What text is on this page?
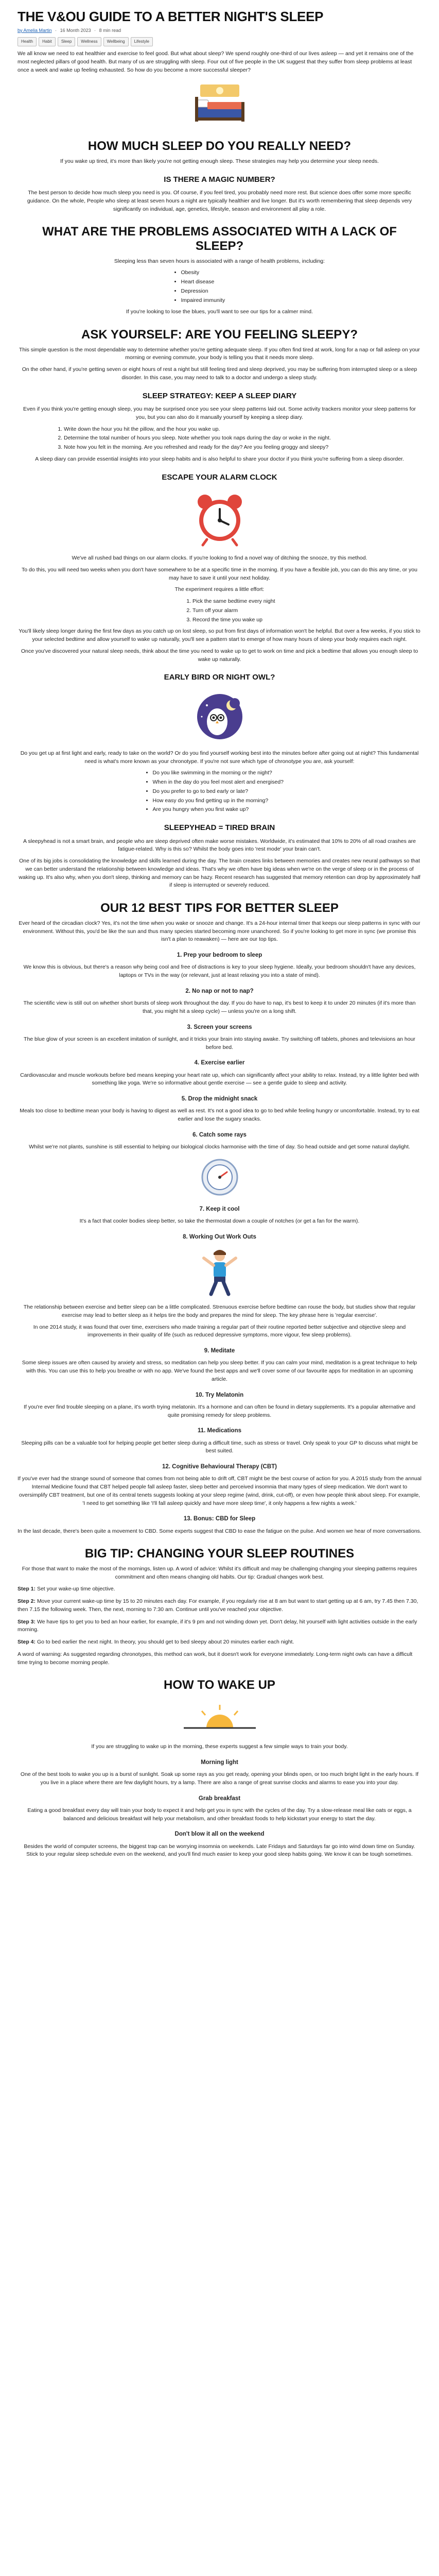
THE V&OU GUIDE TO A BETTER NIGHT'S SLEEP
by Amelia Martin · 16 Month 2023 · 8 min read
Health	Habit	Sleep	Wellness	Wellbeing	Lifestyle

We all know we need to eat healthier and exercise to feel good. But what about sleep? We spend roughly one-third of our lives asleep — and yet it remains one of the most neglected pillars of good health. But many of us are struggling with sleep. Four out of five people in the UK suggest that they suffer from sleep problems at least once a week and wake up feeling exhausted. So how do you become a more successful sleeper?

HOW MUCH SLEEP DO YOU REALLY NEED?

If you wake up tired, it's more than likely you're not getting enough sleep. These strategies may help you determine your sleep needs.

IS THERE A MAGIC NUMBER?

The best person to decide how much sleep you need is you. Of course, if you feel tired, you probably need more rest. But science does offer some more specific guidance. On the whole, People who sleep at least seven hours a night are typically healthier and live longer. But it's worth remembering that sleep depends very significantly on individual, age, genetics, lifestyle, season and environment all play a role.

WHAT ARE THE PROBLEMS ASSOCIATED WITH A LACK OF SLEEP?

Sleeping less than seven hours is associated with a range of health problems, including:

• Obesity
• Heart disease
• Depression
• Impaired immunity

If you're looking to lose the blues, you'll want to see our tips for a calmer mind.

ASK YOURSELF: ARE YOU FEELING SLEEPY?

This simple question is the most dependable way to determine whether you're getting adequate sleep. If you often find tired at work, long for a nap or fall asleep on your morning or evening commute, your body is telling you that it needs more sleep.

On the other hand, if you're getting seven or eight hours of rest a night but still feeling tired and sleep deprived, you may be suffering from interrupted sleep or a sleep disorder. In this case, you may need to talk to a doctor and undergo a sleep study.

SLEEP STRATEGY: KEEP A SLEEP DIARY

Even if you think you're getting enough sleep, you may be surprised once you see your sleep patterns laid out. Some activity trackers monitor your sleep patterns for you, but you can also do it manually yourself by keeping a sleep diary.

1. Write down the hour you hit the pillow, and the hour you wake up.
2. Determine the total number of hours you sleep. Note whether you took naps during the day or woke in the night.
3. Note how you felt in the morning. Are you refreshed and ready for the day? Are you feeling groggy and sleepy?

A sleep diary can provide essential insights into your sleep habits and is also helpful to share your doctor if you think you're suffering from a sleep disorder.

ESCAPE YOUR ALARM CLOCK

We've all rushed bad things on our alarm clocks. If you're looking to find a novel way of ditching the snooze, try this method.

To do this, you will need two weeks when you don't have somewhere to be at a specific time in the morning. If you have a flexible job, you can do this any time, or you may have to save it until your next holiday.

The experiment requires a little effort:

1. Pick the same bedtime every night
2. Turn off your alarm
3. Record the time you wake up

You'll likely sleep longer during the first few days as you catch up on lost sleep, so put from first days of information won't be helpful. But over a few weeks, if you stick to your selected bedtime and allow yourself to wake up naturally, you'll see a pattern start to emerge of how many hours of sleep your body requires each night.

Once you've discovered your natural sleep needs, think about the time you need to wake up to get to work on time and pick a bedtime that allows you enough sleep to wake up naturally.

EARLY BIRD OR NIGHT OWL?

Do you get up at first light and early, ready to take on the world? Or do you find yourself working best into the minutes before after going out at night? This fundamental need is what's more known as your chronotype. If you're not sure which type of chronotype you are, ask yourself:

• Do you like swimming in the morning or the night?
• When in the day do you feel most alert and energised?
• Do you prefer to go to bed early or late?
• How easy do you find getting up in the morning?
• Are you hungry when you first wake up?
SLEEPYHEAD = TIRED BRAIN

A sleepyhead is not a smart brain, and people who are sleep deprived often make worse mistakes. Worldwide, it's estimated that 10% to 20% of all road crashes are fatigue-related. Why is this so? Whilst the body goes into 'rest mode' your brain can't.

One of its big jobs is consolidating the knowledge and skills learned during the day. The brain creates links between memories and creates new neural pathways so that we can better understand the relationship between knowledge and ideas. That's why we often have big ideas when we're on the verge of sleep or in the process of waking up. It's also why, when you don't sleep, thinking and memory can be hazy. Recent research has suggested that memory retention can drop by approximately half if sleep is interrupted or severely reduced.

OUR 12 BEST TIPS FOR BETTER SLEEP

Ever heard of the circadian clock? Yes, it's not the time when you wake or snooze and change. It's a 24-hour internal timer that keeps our sleep patterns in sync with our environment. Without this, you'd be like the sun and thus many species started becoming more unanchored. So if you're looking to get more in sync (we promise this isn't a plan to reawaken) — here are our top tips.

1. Prep your bedroom to sleep

We know this is obvious, but there's a reason why being cool and free of distractions is key to your sleep hygiene. Ideally, your bedroom shouldn't have any devices, laptops or TVs in the way (or relevant, just at least relaxing you into a state of mind).

2. No nap or not to nap?

The scientific view is still out on whether short bursts of sleep work throughout the day. If you do have to nap, it's best to keep it to under 20 minutes (if it's more than that, you might hit a sleep cycle) — unless you're on a long shift.

3. Screen your screens

The blue glow of your screen is an excellent imitation of sunlight, and it tricks your brain into staying awake. Try switching off tablets, phones and televisions an hour before bed.

4. Exercise earlier

Cardiovascular and muscle workouts before bed means keeping your heart rate up, which can significantly affect your ability to relax. Instead, try a little lighter bed with something like yoga. We're so informative about gentle exercise — see a gentle guide to sleep and activity.

5. Drop the midnight snack

Meals too close to bedtime mean your body is having to digest as well as rest. It's not a good idea to go to bed while feeling hungry or uncomfortable. Instead, try to eat earlier and lose the sugary snacks.

6. Catch some rays

Whilst we're not plants, sunshine is still essential to helping our biological clocks harmonise with the time of day. So head outside and get some natural daylight.

7. Keep it cool

It's a fact that cooler bodies sleep better, so take the thermostat down a couple of notches (or get a fan for the warm).

8. Working Out Work Outs

The relationship between exercise and better sleep can be a little complicated. Strenuous exercise before bedtime can rouse the body, but studies show that regular exercise may lead to better sleep as it helps tire the body and prepares the mind for sleep. The key phrase here is 'regular exercise'.

In one 2014 study, it was found that over time, exercisers who made training a regular part of their routine reported better subjective and objective sleep and improvements in their quality of life (such as reduced depressive symptoms, more vigour, few sleep problems).

9. Meditate

Some sleep issues are often caused by anxiety and stress, so meditation can help you sleep better. If you can calm your mind, meditation is a great technique to help with this. You can use this to help you breathe or with no app. We've found the best apps and we'll cover some of our favourite apps for meditation in an upcoming article.

10. Try Melatonin

If you're ever find trouble sleeping on a plane, it's worth trying melatonin. It's a hormone and can often be found in dietary supplements. It's a popular alternative and quite promising remedy for sleep problems.

11. Medications

Sleeping pills can be a valuable tool for helping people get better sleep during a difficult time, such as stress or travel. Only speak to your GP to discuss what might be best suited.

12. Cognitive Behavioural Therapy (CBT)

If you've ever had the strange sound of someone that comes from not being able to drift off, CBT might be the best course of action for you. A 2015 study from the annual Internal Medicine found that CBT helped people fall asleep faster, sleep better and perceived insomnia that many types of sleep medication. We don't want to oversimplify CBT treatment, but one of its central tenets suggests looking at your sleep regime (wind, drink, cut-off), or even how people think about sleep. For example, 'I need to get something like 'I'll fall asleep quickly and have more sleep time', it only happens a few nights a week.'

13. Bonus: CBD for Sleep

In the last decade, there's been quite a movement to CBD. Some experts suggest that CBD to ease the fatigue on the pulse. And women we hear of more conversations.

BIG TIP: CHANGING YOUR SLEEP ROUTINES

For those that want to make the most of the mornings, listen up. A word of advice: Whilst it's difficult and may be challenging changing your sleeping patterns requires commitment and often means changing old habits. Our tip: Gradual changes work best.

Step 1: Set your wake-up time objective.
Step 2: Move your current wake-up time by 15 to 20 minutes each day. For example, if you regularly rise at 8 am but want to start getting up at 6 am, try 7.45 then 7.30, then 7.15 the following week. Then, the next, morning to 7:30 am. Continue until you've reached your objective.
Step 3: We have tips to get you to bed an hour earlier, for example, if it's 9 pm and not winding down yet. Don't delay, hit yourself with light activities outside in the early morning.
Step 4: Go to bed earlier the next night. In theory, you should get to bed sleepy about 20 minutes earlier each night.

A word of warning: As suggested regarding chronotypes, this method can work, but it doesn't work for everyone immediately. Long-term night owls can have a difficult time trying to become morning people.

HOW TO WAKE UP

If you are struggling to wake up in the morning, these experts suggest a few simple ways to train your body.

Morning light

One of the best tools to wake you up is a burst of sunlight. Soak up some rays as you get ready, opening your blinds open, or too much bright light in the early hours. If you live in a place where there are few daylight hours, try a lamp. There are also a range of great sunrise clocks and alarms to ease you into your day.

Grab breakfast

Eating a good breakfast every day will train your body to expect it and help get you in sync with the cycles of the day. Try a slow-release meal like oats or eggs, a balanced and delicious breakfast will help your metabolism, and other breakfast foods to help kickstart your energy to start the day.

Don't blow it all on the weekend

Besides the world of computer screens, the biggest trap can be worrying insomnia on weekends. Late Fridays and Saturdays far go into wind down time on Sunday. Stick to your regular sleep schedule even on the weekend, and you'll find much easier to keep your good sleep habits going. We know it can be tough sometimes.
